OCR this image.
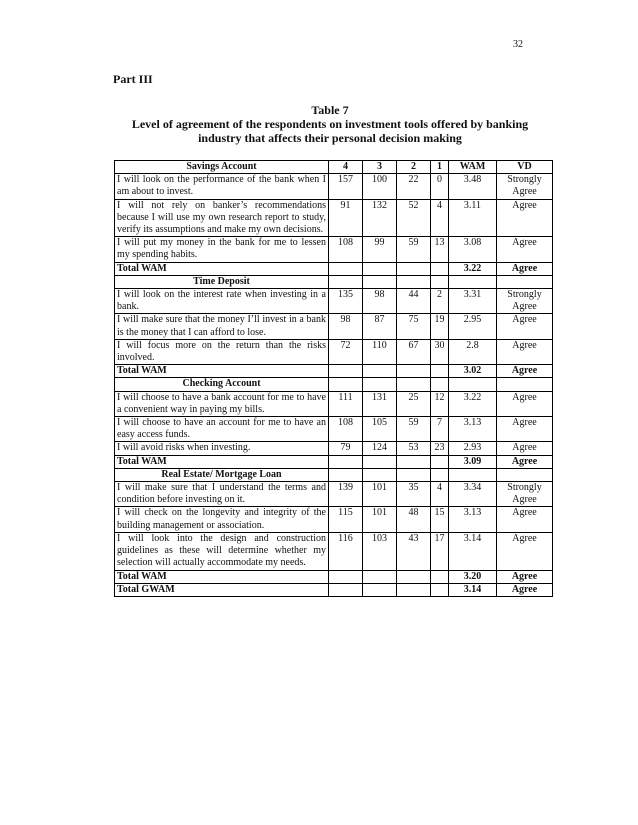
32
Part III
Table 7
Level of agreement of the respondents on investment tools offered by banking
industry that affects their personal decision making
Savings Account	4	3	2	1	WAM	VD
I will look on the performance of the bank when I am about to invest.	157	100	22	0	3.48	Strongly Agree
I will not rely on banker’s recommendations because I will use my own research report to study, verify its assumptions and make my own decisions.	91	132	52	4	3.11	Agree
I will put my money in the bank for me to lessen my spending habits.	108	99	59	13	3.08	Agree
Total WAM					3.22	Agree
Time Deposit						
I will look on the interest rate when investing in a bank.	135	98	44	2	3.31	Strongly Agree
I will make sure that the money I’ll invest in a bank is the money that I can afford to lose.	98	87	75	19	2.95	Agree
I will focus more on the return than the risks involved.	72	110	67	30	2.8	Agree
Total WAM					3.02	Agree
Checking Account						
I will choose to have a bank account for me to have a convenient way in paying my bills.	111	131	25	12	3.22	Agree
I will choose to have an account for me to have an easy access funds.	108	105	59	7	3.13	Agree
I will avoid risks when investing.	79	124	53	23	2.93	Agree
Total WAM					3.09	Agree
Real Estate/ Mortgage Loan						
I will make sure that I understand the terms and condition before investing on it.	139	101	35	4	3.34	Strongly Agree
I will check on the longevity and integrity of the building management or association.	115	101	48	15	3.13	Agree
I will look into the design and construction guidelines as these will determine whether my selection will actually accommodate my needs.	116	103	43	17	3.14	Agree
Total WAM					3.20	Agree
Total GWAM					3.14	Agree
